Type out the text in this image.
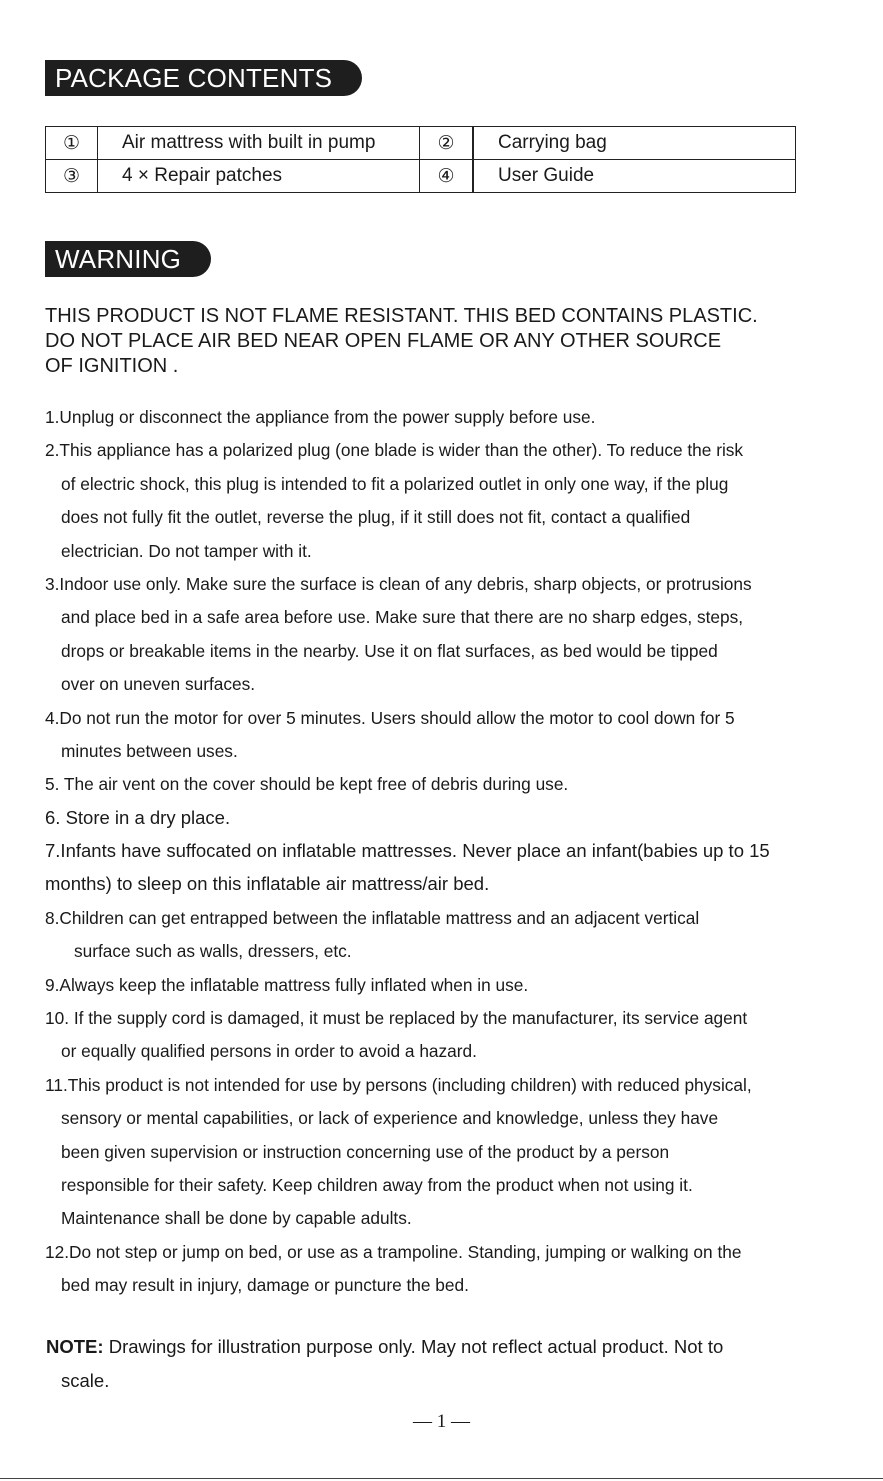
PACKAGE CONTENTS
①	Air mattress with built in pump	②	Carrying bag
③	4 × Repair patches	④	User Guide
WARNING
THIS PRODUCT IS NOT FLAME RESISTANT. THIS BED CONTAINS PLASTIC.
DO NOT PLACE AIR BED NEAR OPEN FLAME OR ANY OTHER SOURCE
OF IGNITION .
1.Unplug or disconnect the appliance from the power supply before use.
2.This appliance has a polarized plug (one blade is wider than the other). To reduce the risk
of electric shock, this plug is intended to fit a polarized outlet in only one way, if the plug
does not fully fit the outlet, reverse the plug, if it still does not fit, contact a qualified
electrician. Do not tamper with it.
3.Indoor use only. Make sure the surface is clean of any debris, sharp objects, or protrusions
and place bed in a safe area before use. Make sure that there are no sharp edges, steps,
drops or breakable items in the nearby. Use it on flat surfaces, as bed would be tipped
over on uneven surfaces.
4.Do not run the motor for over 5 minutes. Users should allow the motor to cool down for 5
minutes between uses.
5. The air vent on the cover should be kept free of debris during use.
6. Store in a dry place.
7.Infants have suffocated on inflatable mattresses. Never place an infant(babies up to 15
months) to sleep on this inflatable air mattress/air bed.
8.Children can get entrapped between the inflatable mattress and an adjacent vertical
surface such as walls, dressers, etc.
9.Always keep the inflatable mattress fully inflated when in use.
10. If the supply cord is damaged, it must be replaced by the manufacturer, its service agent
or equally qualified persons in order to avoid a hazard.
11.This product is not intended for use by persons (including children) with reduced physical,
sensory or mental capabilities, or lack of experience and knowledge, unless they have
been given supervision or instruction concerning use of the product by a person
responsible for their safety. Keep children away from the product when not using it.
Maintenance shall be done by capable adults.
12.Do not step or jump on bed, or use as a trampoline. Standing, jumping or walking on the
bed may result in injury, damage or puncture the bed.
NOTE: Drawings for illustration purpose only. May not reflect actual product. Not to
scale.
— 1 —
